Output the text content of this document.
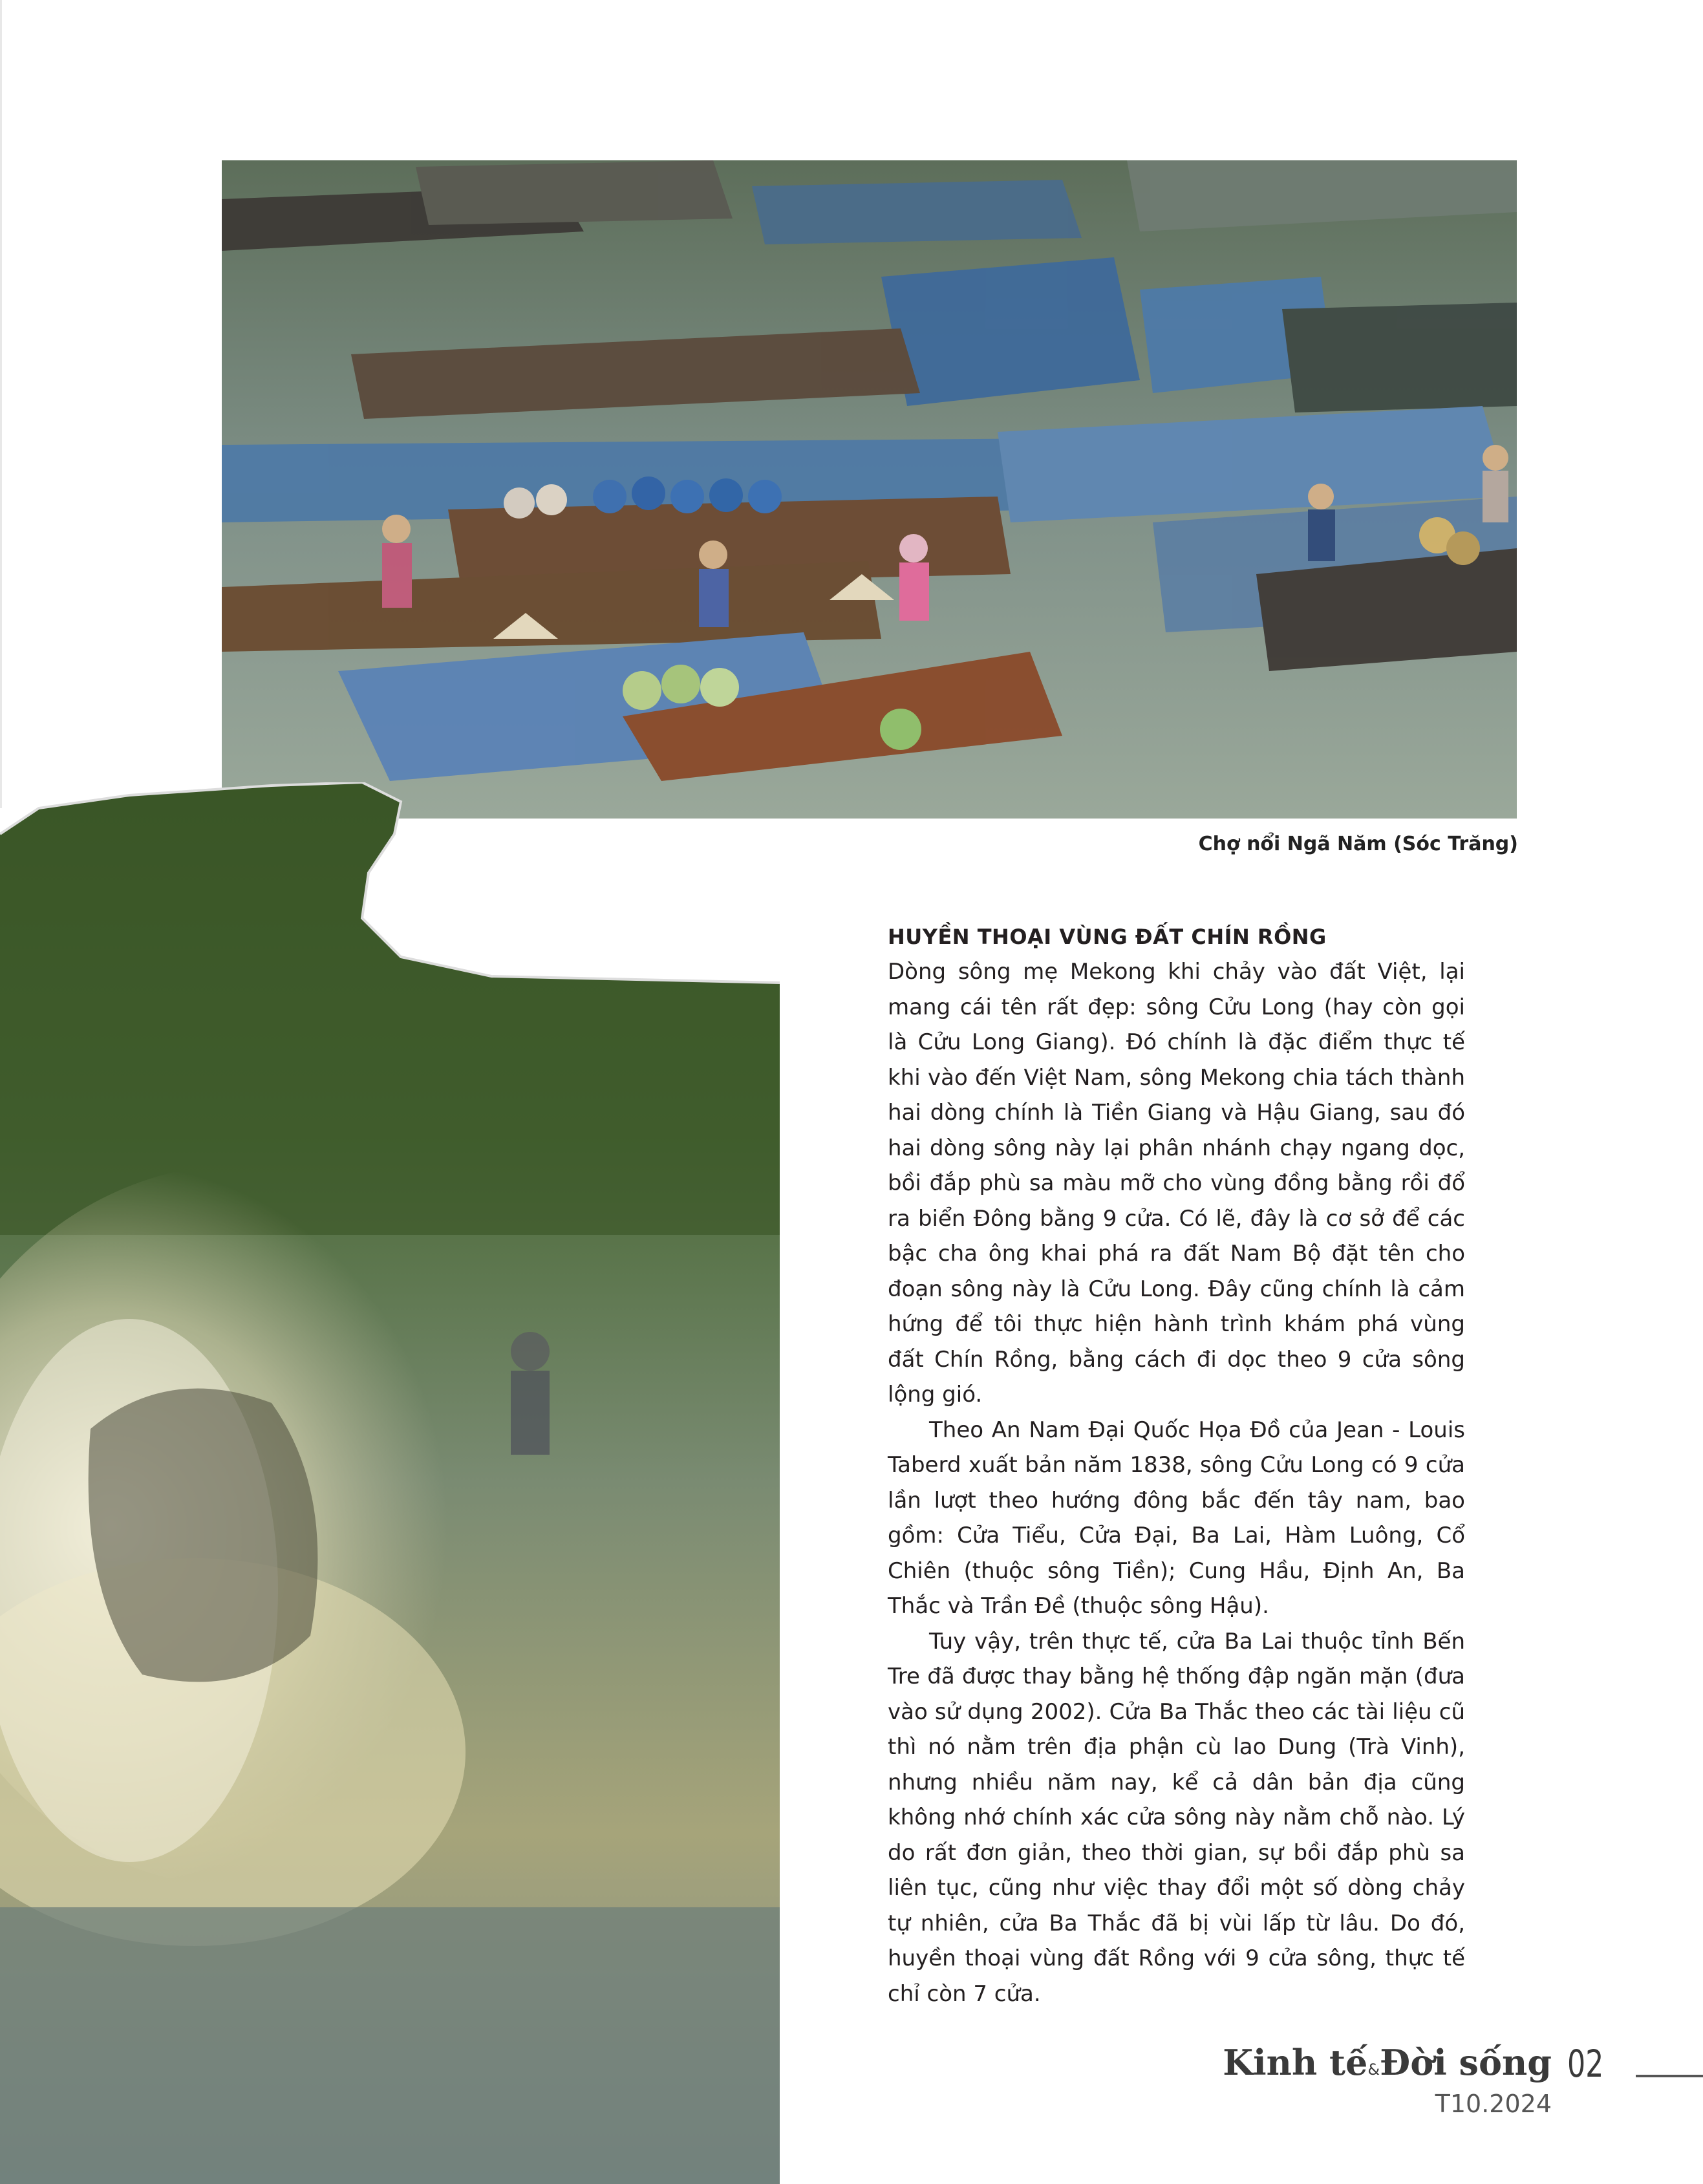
Chợ nổi Ngã Năm (Sóc Trăng)
HUYỀN THOẠI VÙNG ĐẤT CHÍN RỒNG

Dòng sông mẹ Mekong khi chảy vào đất Việt, lại mang cái tên rất đẹp: sông Cửu Long (hay còn gọi là Cửu Long Giang). Đó chính là đặc điểm thực tế khi vào đến Việt Nam, sông Mekong chia tách thành hai dòng chính là Tiền Giang và Hậu Giang, sau đó hai dòng sông này lại phân nhánh chạy ngang dọc, bồi đắp phù sa màu mỡ cho vùng đồng bằng rồi đổ ra biển Đông bằng 9 cửa. Có lẽ, đây là cơ sở để các bậc cha ông khai phá ra đất Nam Bộ đặt tên cho đoạn sông này là Cửu Long. Đây cũng chính là cảm hứng để tôi thực hiện hành trình khám phá vùng đất Chín Rồng, bằng cách đi dọc theo 9 cửa sông lộng gió.

Theo An Nam Đại Quốc Họa Đồ của Jean - Louis Taberd xuất bản năm 1838, sông Cửu Long có 9 cửa lần lượt theo hướng đông bắc đến tây nam, bao gồm: Cửa Tiểu, Cửa Đại, Ba Lai, Hàm Luông, Cổ Chiên (thuộc sông Tiền); Cung Hầu, Định An, Ba Thắc và Trần Đề (thuộc sông Hậu).

Tuy vậy, trên thực tế, cửa Ba Lai thuộc tỉnh Bến Tre đã được thay bằng hệ thống đập ngăn mặn (đưa vào sử dụng 2002). Cửa Ba Thắc theo các tài liệu cũ thì nó nằm trên địa phận cù lao Dung (Trà Vinh), nhưng nhiều năm nay, kể cả dân bản địa cũng không nhớ chính xác cửa sông này nằm chỗ nào. Lý do rất đơn giản, theo thời gian, sự bồi đắp phù sa liên tục, cũng như việc thay đổi một số dòng chảy tự nhiên, cửa Ba Thắc đã bị vùi lấp từ lâu. Do đó, huyền thoại vùng đất Rồng với 9 cửa sông, thực tế chỉ còn 7 cửa.

Kinh tế&Đời sống 02
T10.2024
